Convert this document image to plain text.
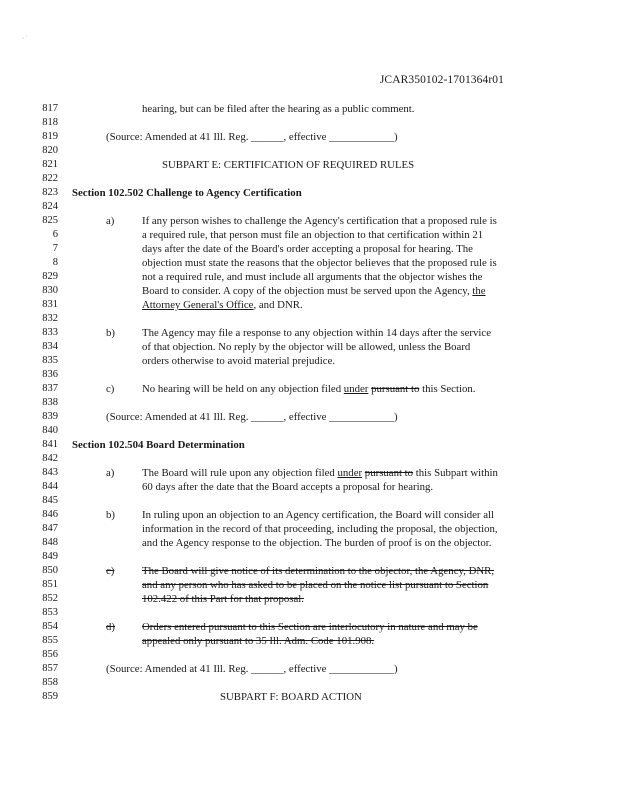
‚ ·
JCAR350102-1701364r01
817
818
819
820
821
822
823
824
825
6
7
8
829
830
831
832
833
834
835
836
837
838
839
840
841
842
843
844
845
846
847
848
849
850
851
852
853
854
855
856
857
858
859
hearing, but can be filed after the hearing as a public comment.
(Source: Amended at 41 Ill. Reg. ______, effective ____________)
SUBPART E: CERTIFICATION OF REQUIRED RULES
Section 102.502 Challenge to Agency Certification
a)	If any person wishes to challenge the Agency's certification that a proposed rule is
a required rule, that person must file an objection to that certification within 21
days after the date of the Board's order accepting a proposal for hearing. The
objection must state the reasons that the objector believes that the proposed rule is
not a required rule, and must include all arguments that the objector wishes the
Board to consider. A copy of the objection must be served upon the Agency, the
Attorney General's Office, and DNR.
b)	The Agency may file a response to any objection within 14 days after the service
of that objection. No reply by the objector will be allowed, unless the Board
orders otherwise to avoid material prejudice.
c)	No hearing will be held on any objection filed under pursuant to this Section.
(Source: Amended at 41 Ill. Reg. ______, effective ____________)
Section 102.504 Board Determination
a)	The Board will rule upon any objection filed under pursuant to this Subpart within
60 days after the date that the Board accepts a proposal for hearing.
b)	In ruling upon an objection to an Agency certification, the Board will consider all
information in the record of that proceeding, including the proposal, the objection,
and the Agency response to the objection. The burden of proof is on the objector.
c)	The Board will give notice of its determination to the objector, the Agency, DNR,
and any person who has asked to be placed on the notice list pursuant to Section
102.422 of this Part for that proposal.
d)	Orders entered pursuant to this Section are interlocutory in nature and may be
appealed only pursuant to 35 Ill. Adm. Code 101.908.
(Source: Amended at 41 Ill. Reg. ______, effective ____________)
SUBPART F: BOARD ACTION
